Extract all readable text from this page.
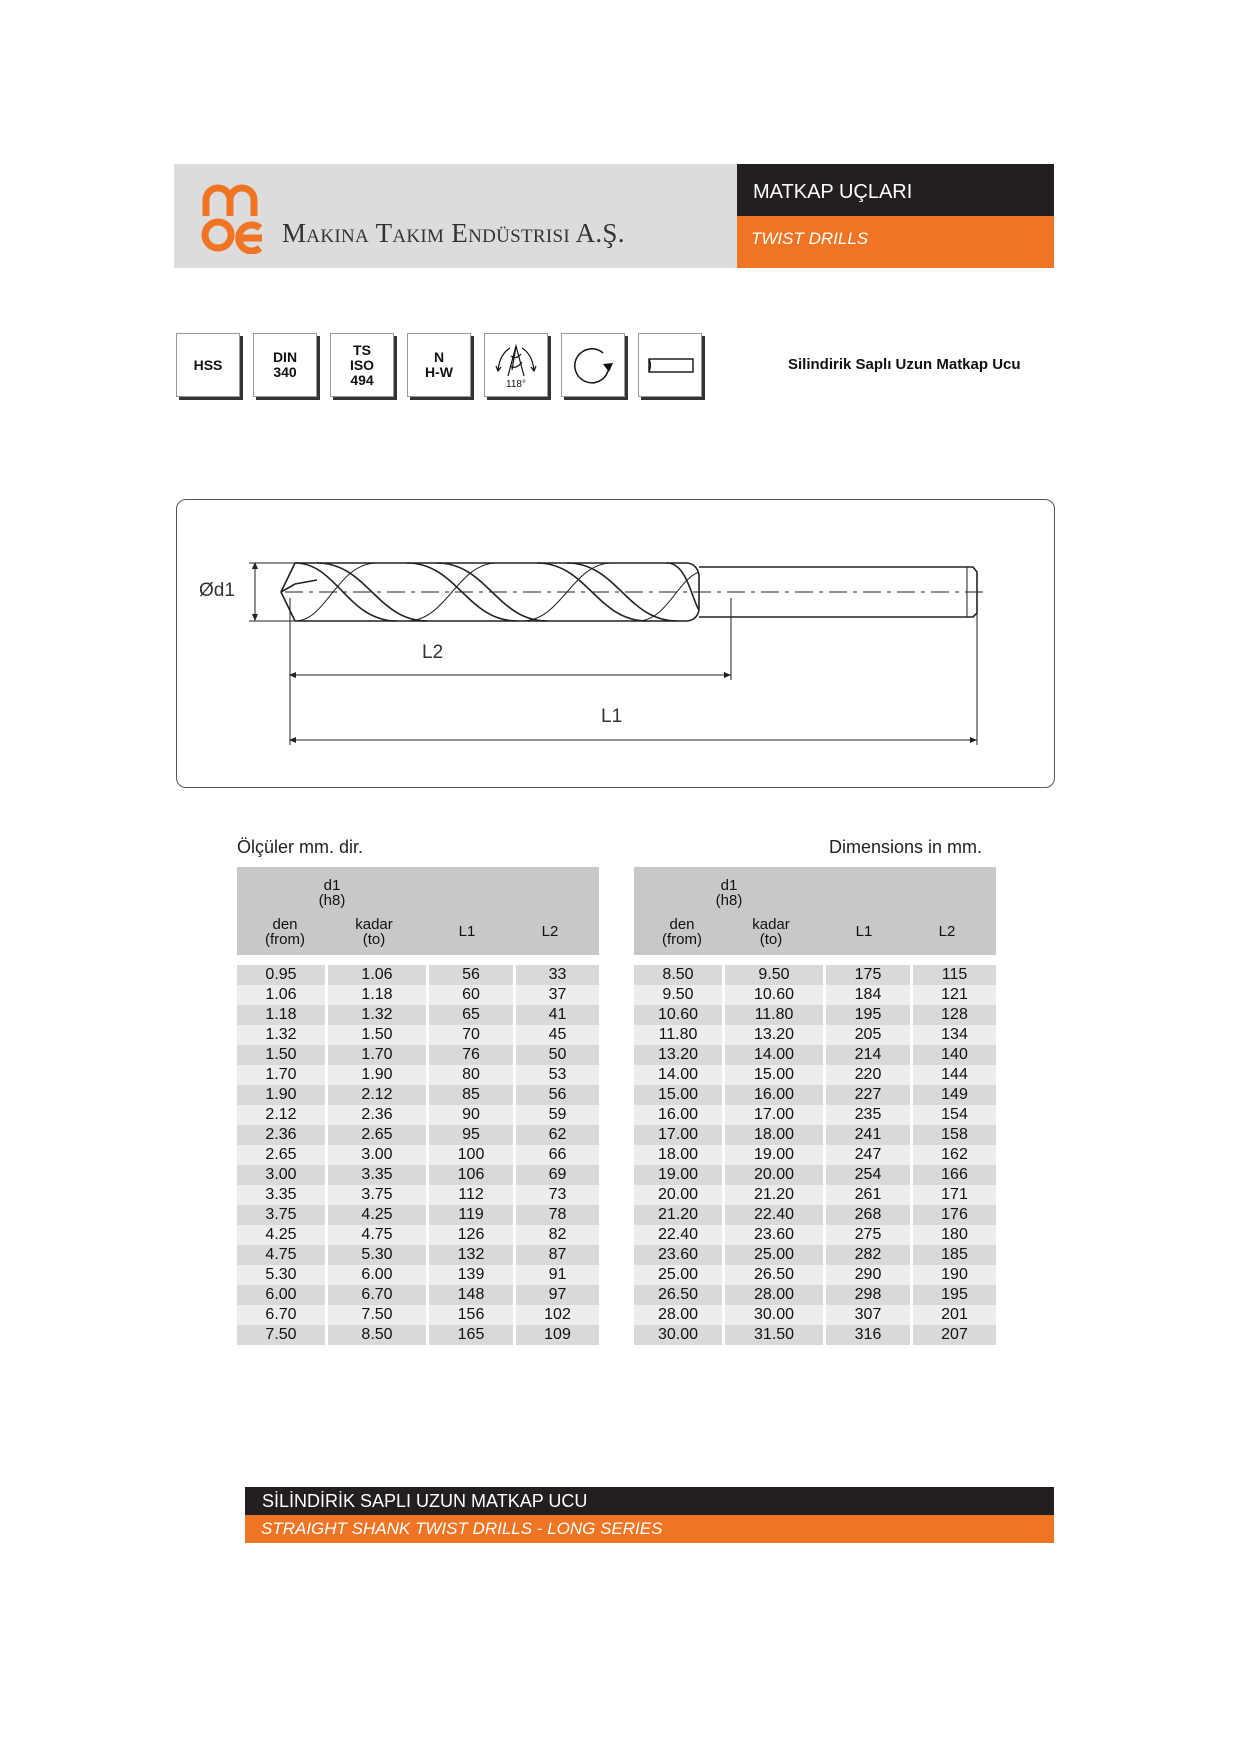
Makina Takım Endüstrisi A.Ş.
MATKAP UÇLARI
TWIST DRILLS
HSS	DIN
340
TS
ISO
494
N
H-W
118°
Silindirik Saplı Uzun Matkap Ucu
Ød1
L2
L1
Ölçüler mm. dir.	Dimensions in mm.
d1
(h8)
den
(from)
kadar
(to)	L1	L2
0.95	1.06	56	33
1.06	1.18	60	37
1.18	1.32	65	41
1.32	1.50	70	45
1.50	1.70	76	50
1.70	1.90	80	53
1.90	2.12	85	56
2.12	2.36	90	59
2.36	2.65	95	62
2.65	3.00	100	66
3.00	3.35	106	69
3.35	3.75	112	73
3.75	4.25	119	78
4.25	4.75	126	82
4.75	5.30	132	87
5.30	6.00	139	91
6.00	6.70	148	97
6.70	7.50	156	102
7.50	8.50	165	109
d1
(h8)
den
(from)
kadar
(to)	L1	L2
8.50	9.50	175	115
9.50	10.60	184	121
10.60	11.80	195	128
11.80	13.20	205	134
13.20	14.00	214	140
14.00	15.00	220	144
15.00	16.00	227	149
16.00	17.00	235	154
17.00	18.00	241	158
18.00	19.00	247	162
19.00	20.00	254	166
20.00	21.20	261	171
21.20	22.40	268	176
22.40	23.60	275	180
23.60	25.00	282	185
25.00	26.50	290	190
26.50	28.00	298	195
28.00	30.00	307	201
30.00	31.50	316	207
SİLİNDİRİK SAPLI UZUN MATKAP UCU
STRAIGHT SHANK TWIST DRILLS - LONG SERIES
